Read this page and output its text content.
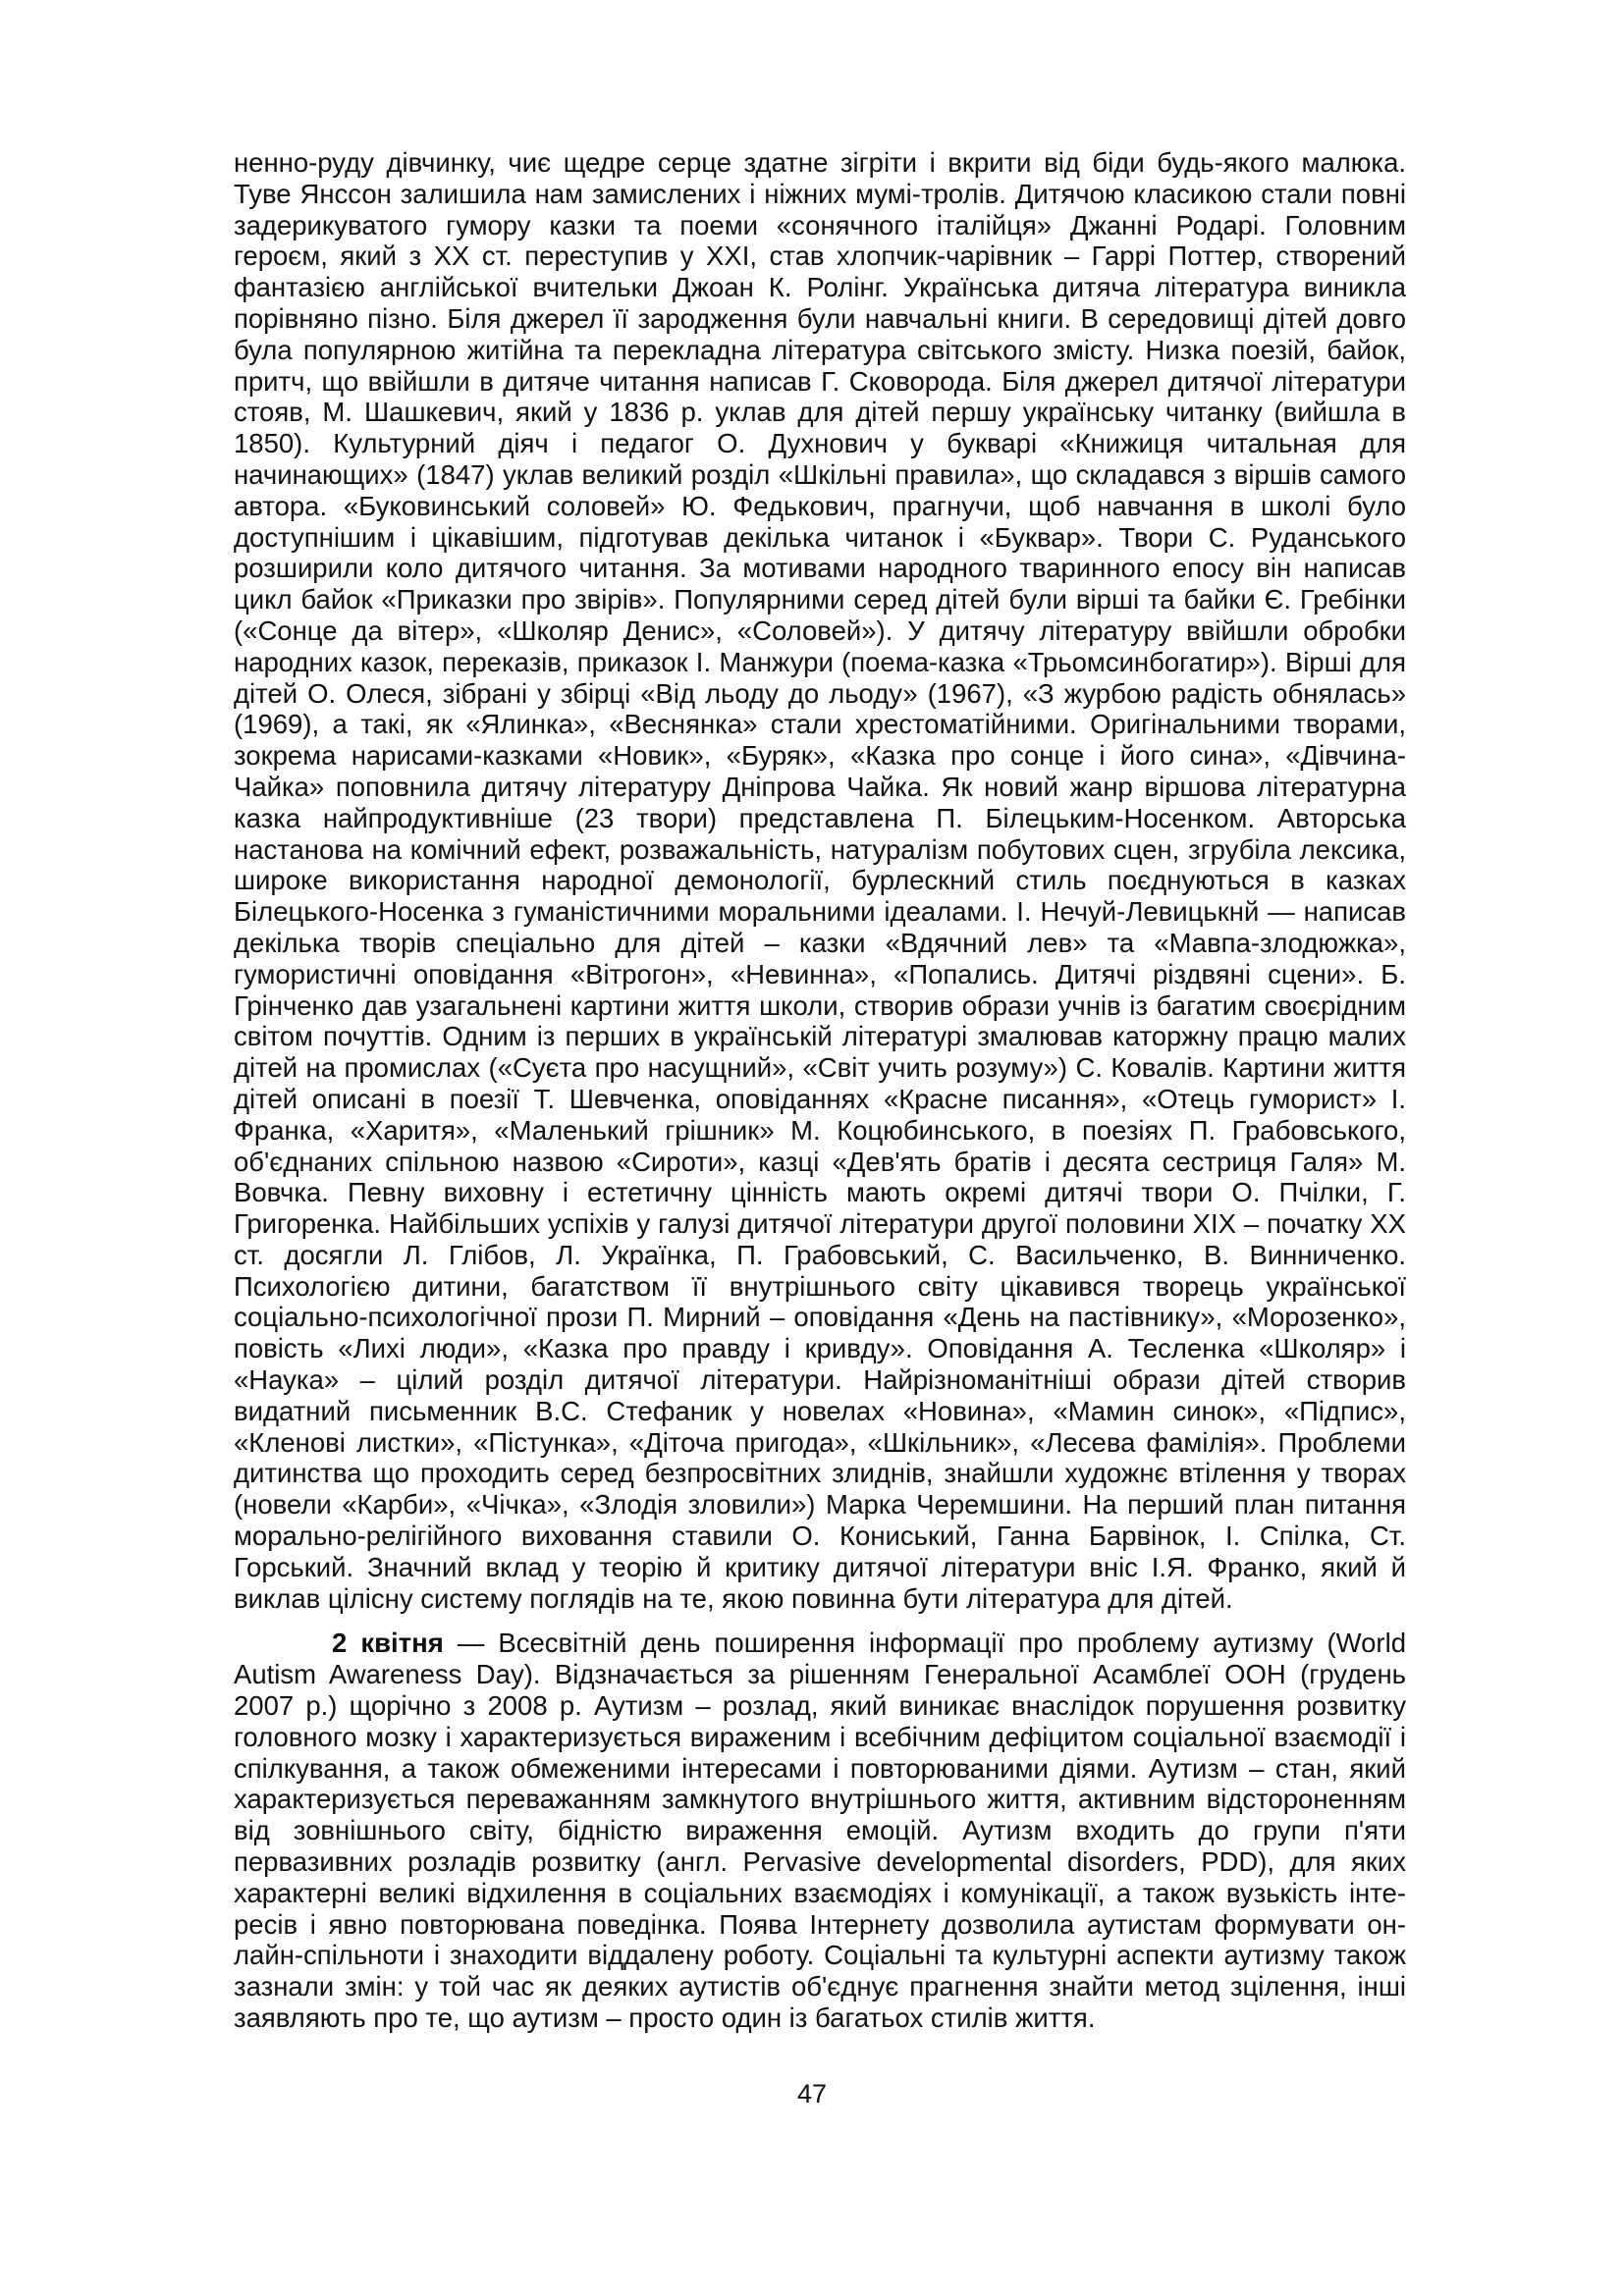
ненно-руду дівчинку, чиє щедре серце здатне зігріти і вкрити від біди будь-якого малюка. Туве Янссон залишила нам замислених і ніжних мумі-тролів. Дитячою класикою стали повні задерикуватого гумору казки та поеми «сонячного італійця» Джанні Родарі. Головним героєм, який з XX ст. переступив у XXI, став хлопчик-чарівник – Гаррі Поттер, створений фантазією англійської вчительки Джоан К. Ролінг. Українська дитяча література виникла порівняно пізно. Біля джерел її зародження були навчальні книги. В середовищі дітей довго була популярною житійна та перекладна література світського змісту. Низка поезій, байок, притч, що ввійшли в дитяче читання написав Г. Сковорода. Біля джерел дитячої літератури стояв, М. Шашкевич, який у 1836 р. уклав для дітей першу українську читанку (вийшла в 1850). Культурний діяч і педагог О. Духнович у букварі «Книжиця читальная для начинающих» (1847) уклав великий розділ «Шкільні правила», що складався з віршів самого автора. «Буковинський соловей» Ю. Федькович, прагнучи, щоб навчання в школі було доступнішим і цікавішим, підготував декілька читанок і «Буквар». Твори С. Руданського розширили коло дитячого читання. За мотивами народного тваринного епосу він написав цикл байок «Приказки про звірів». Популярними серед дітей були вірші та байки Є. Гребінки («Сонце да вітер», «Школяр Денис», «Соловей»). У дитячу літературу ввійшли обробки народних казок, переказів, приказок І. Манжури (поема-казка «Трьомсинбогатир»). Вірші для дітей О. Олеся, зібрані у збірці «Від льоду до льоду» (1967), «З журбою радість обнялась» (1969), а такі, як «Ялинка», «Веснянка» стали хрестоматійними. Оригінальними творами, зокрема нарисами-казками «Новик», «Буряк», «Казка про сонце і його сина», «Дівчина-Чайка» поповнила дитячу літературу Дніпрова Чайка. Як новий жанр віршова літературна казка найпродуктивніше (23 твори) представлена П. Білецьким-Носенком. Авторська настанова на комічний ефект, розважальність, натуралізм побутових сцен, згрубіла лексика, широке використання народної демонології, бурлескний стиль поєднуються в казках Білецького-Носенка з гуманістичними моральними ідеалами. І. Нечуй-Левицькнй — написав декілька творів спеціально для дітей – казки «Вдячний лев» та «Мавпа-злодюжка», гумористичні оповідання «Вітрогон», «Невинна», «Попались. Дитячі різдвяні сцени». Б. Грінченко дав узагальнені картини життя школи, створив образи учнів із багатим своєрідним світом почуттів. Одним із перших в українській літературі змалював каторжну працю малих дітей на промислах («Суєта про насущний», «Світ учить розуму») С. Ковалів. Картини життя дітей описані в поезії Т. Шевченка, оповіданнях «Красне писання», «Отець гуморист» І. Франка, «Харитя», «Маленький грішник» М. Коцюбинського, в поезіях П. Грабовського, об'єднаних спільною назвою «Сироти», казці «Дев'ять братів і десята сестриця Галя» М. Вовчка. Певну виховну і естетичну цінність мають окремі дитячі твори О. Пчілки, Г. Григоренка. Найбільших успіхів у галузі дитячої літератури другої половини XIX – початку XX ст. досягли Л. Глібов, Л. Українка, П. Грабовський, С. Васильченко, В. Винниченко. Психологією дитини, багатством її внутрішнього світу цікавився творець української соціально-психологічної прози П. Мирний – оповідання «День на пастівнику», «Морозенко», повість «Лихі люди», «Казка про правду і кривду». Оповідання А. Тесленка «Школяр» і «Наука» – цілий розділ дитячої літератури. Найрізноманітніші образи дітей створив видатний письменник В.С. Стефаник у новелах «Новина», «Мамин синок», «Підпис», «Кленові листки», «Пістунка», «Діточа пригода», «Шкільник», «Лесева фамілія». Проблеми дитинства що проходить серед безпросвітних злиднів, знайшли художнє втілення у творах (новели «Карби», «Чічка», «Злодія зловили») Марка Черемшини. На перший план питання морально-релігійного виховання ставили О. Кониський, Ганна Барвінок, І. Спілка, Ст. Горський. Значний вклад у теорію й критику дитячої літератури вніс І.Я. Франко, який й виклав цілісну систему поглядів на те, якою повинна бути література для дітей.

2 квітня — Всесвітній день поширення інформації про проблему аутизму (World Autism Awareness Day). Відзначається за рішенням Генеральної Асамблеї ООН (грудень 2007 р.) щорічно з 2008 р. Аутизм – розлад, який виникає внаслідок порушення розвитку головного мозку і характеризується вираженим і всебічним дефіцитом соціальної взаємодії і спілкування, а також обмеженими інтересами і повторюваними діями. Аутизм – стан, який характеризується переважанням замкнутого внутрішнього життя, активним відстороненням від зовнішнього світу, бідністю вираження емоцій. Аутизм входить до групи п'яти первазивних розладів розвитку (англ. Pervasive developmental disorders, PDD), для яких характерні великі відхилення в соціальних взаємодіях і комунікації, а також вузькість інтересів і явно повторювана поведінка. Поява Інтернету дозволила аутистам формувати онлайн-спільноти і знаходити віддалену роботу. Соціальні та культурні аспекти аутизму також зазнали змін: у той час як деяких аутистів об'єднує прагнення знайти метод зцілення, інші заявляють про те, що аутизм – просто один із багатьох стилів життя.

47
